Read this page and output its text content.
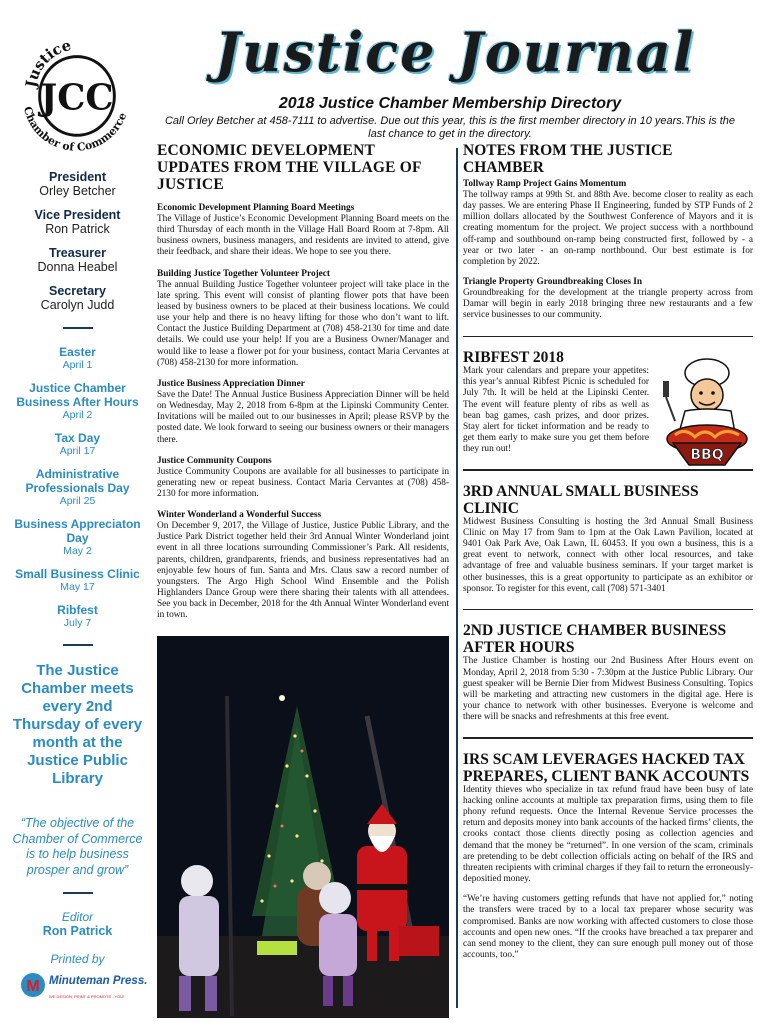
Justice
JCC
Chamber of Commerce
Justice Journal
2018 Justice Chamber Membership Directory
Call Orley Betcher at 458-7111 to advertise. Due out this year, this is the first member directory in 10 years.This is the last chance to get in the directory.
President
Orley Betcher
Vice President
Ron Patrick
Treasurer
Donna Heabel
Secretary
Carolyn Judd
Easter
April 1
Justice Chamber Business After Hours
April 2
Tax Day
April 17
Administrative Professionals Day
April 25
Business Appreciaton Day
May 2
Small Business Clinic
May 17
Ribfest
July 7
The Justice Chamber meets every 2nd Thursday of every month at the Justice Public Library
“The objective of the Chamber of Commerce is to help business prosper and grow”
Editor
Ron Patrick
Printed by
M Minuteman Press.
WE DESIGN, PRINT & PROMOTE...YOU!
ECONOMIC DEVELOPMENT UPDATES FROM THE VILLAGE OF JUSTICE
Economic Development Planning Board Meetings
The Village of Justice’s Economic Development Planning Board meets on the third Thursday of each month in the Village Hall Board Room at 7-8pm. All business owners, business managers, and residents are invited to attend, give their feedback, and share their ideas. We hope to see you there.
Building Justice Together Volunteer Project
The annual Building Justice Together volunteer project will take place in the late spring. This event will consist of planting flower pots that have been leased by business owners to be placed at their business locations. We could use your help and there is no heavy lifting for those who don’t want to lift. Contact the Justice Building Department at (708) 458-2130 for time and date details. We could use your help! If you are a Business Owner/Manager and would like to lease a flower pot for your business, contact Maria Cervantes at (708) 458-2130 for more information.
Justice Business Appreciation Dinner
Save the Date! The Annual Justice Business Appreciation Dinner will be held on Wednesday, May 2, 2018 from 6-8pm at the Lipinski Community Center. Invitations will be mailed out to our businesses in April; please RSVP by the posted date. We look forward to seeing our business owners or their managers there.
Justice Community Coupons
Justice Community Coupons are available for all businesses to participate in generating new or repeat business. Contact Maria Cervantes at (708) 458-2130 for more information.
Winter Wonderland a Wonderful Success
On December 9, 2017, the Village of Justice, Justice Public Library, and the Justice Park District together held their 3rd Annual Winter Wonderland joint event in all three locations surrounding Commissioner’s Park. All residents, parents, children, grandparents, friends, and business representatives had an enjoyable few hours of fun. Santa and Mrs. Claus saw a record number of youngsters. The Argo High School Wind Ensemble and the Polish Highlanders Dance Group were there sharing their talents with all attendees. See you back in December, 2018 for the 4th Annual Winter Wonderland event in town.
NOTES FROM THE JUSTICE CHAMBER
Tollway Ramp Project Gains Momentum
The tollway ramps at 99th St. and 88th Ave. become closer to reality as each day passes. We are entering Phase II Engineering, funded by STP Funds of 2 million dollars allocated by the Southwest Conference of Mayors and it is creating momentum for the project. We project success with a northbound off-ramp and southbound on-ramp being constructed first, followed by - a year or two later - an on-ramp northbound. Our best estimate is for completion by 2022.
Triangle Property Groundbreaking Closes In
Groundbreaking for the development at the triangle property across from Damar will begin in early 2018 bringing three new restaurants and a few service businesses to our community.
RIBFEST 2018
Mark your calendars and prepare your appetites: this year’s annual Ribfest Picnic is scheduled for July 7th. It will be held at the Lipinski Center. The event will feature plenty of ribs as well as bean bag games, cash prizes, and door prizes. Stay alert for ticket information and be ready to get them early to make sure you get them before they run out!	BBQ
3RD ANNUAL SMALL BUSINESS CLINIC
Midwest Business Consulting is hosting the 3rd Annual Small Business Clinic on May 17 from 9am to 1pm at the Oak Lawn Pavilion, located at 9401 Oak Park Ave, Oak Lawn, IL 60453. If you own a business, this is a great event to network, connect with other local resources, and take advantage of free and valuable business seminars. If your target market is other businesses, this is a great opportunity to participate as an exhibitor or sponsor. To register for this event, call (708) 571-3401
2ND JUSTICE CHAMBER BUSINESS AFTER HOURS
The Justice Chamber is hosting our 2nd Business After Hours event on Monday, April 2, 2018 from 5:30 - 7:30pm at the Justice Public Library. Our guest speaker will be Bernie Dier from Midwest Business Consulting. Topics will be marketing and attracting new customers in the digital age. Here is your chance to network with other businesses. Everyone is welcome and there will be snacks and refreshments at this free event.
IRS SCAM LEVERAGES HACKED TAX PREPARES, CLIENT BANK ACCOUNTS
Identity thieves who specialize in tax refund fraud have been busy of late hacking online accounts at multiple tax preparation firms, using them to file phony refund requests. Once the Internal Revenue Service processes the return and deposits money into bank accounts of the hacked firms’ clients, the crooks contact those clients directly posing as collection agencies and demand that the money be “returned”. In one version of the scam, criminals are pretending to be debt collection officials acting on behalf of the IRS and threaten recipients with criminal charges if they fail to return the erroneously-depositied money.
“We’re having customers getting refunds that have not applied for,” noting the transfers were traced by to a local tax preparer whose security was compromised. Banks are now working with affected customers to close those accounts and open new ones. “If the crooks have breached a tax preparer and can send money to the client, they can sure enough pull money out of those accounts, too.”
